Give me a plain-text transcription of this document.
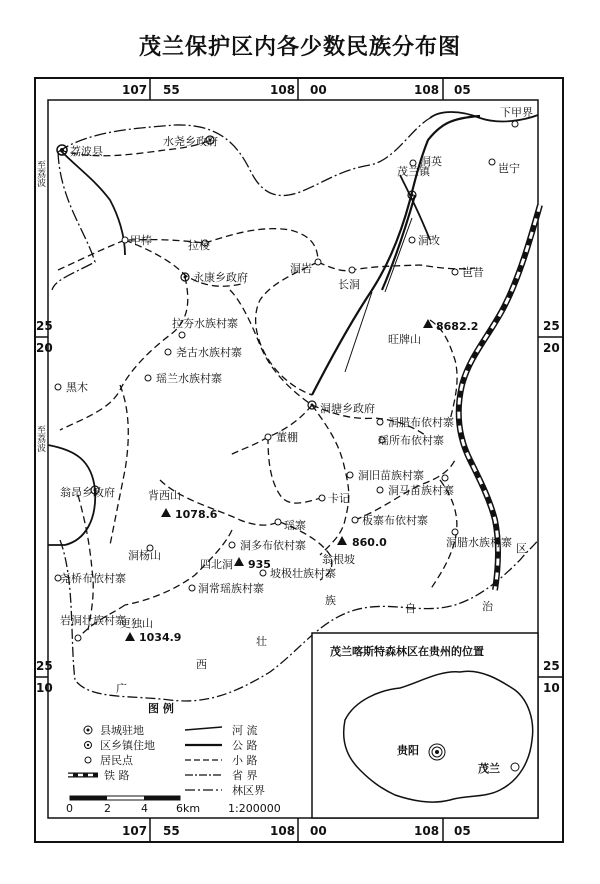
茂兰保护区内各少数民族分布图
107 55	108 00	108 05
107 55	108 00	108 05
25
20
25
10
25
20
25
10
至荔波
至荔波
荔波县
水尧乡政府
茂兰镇
洞英
下甲界
岜宁
甲棒	拉棱
永康乡政府
洞岩
洞改
岜昔
长洞
拉夯水族村寨
旺牌山
8682.2
尧古水族村寨
瑶兰水族村寨
黑木
洞塘乡政府
洞腊布依村寨
瑶所布依村寨
董棚
洞旧苗族村寨
洞马苗族村寨
翁昂乡政府	背西山
1078.6
卡记
板寨布依村寨
瑶寨
860.0
翁根坡
洞多布依村寨	洞腊水族村寨
洞杨山
四北洞 935
洞常瑶族村寨
坡极壮族村寨
尧桥布依村寨
岩洞壮族村寨
更独山
1034.9
广
西
壮
族
自	治
区
图 例
县城驻地
区乡镇住地
居民点
铁 路
河 流
公 路
小 路
省 界
林区界
0	2	4	6km	1:200000
茂兰喀斯特森林区在贵州的位置
贵阳
茂兰
